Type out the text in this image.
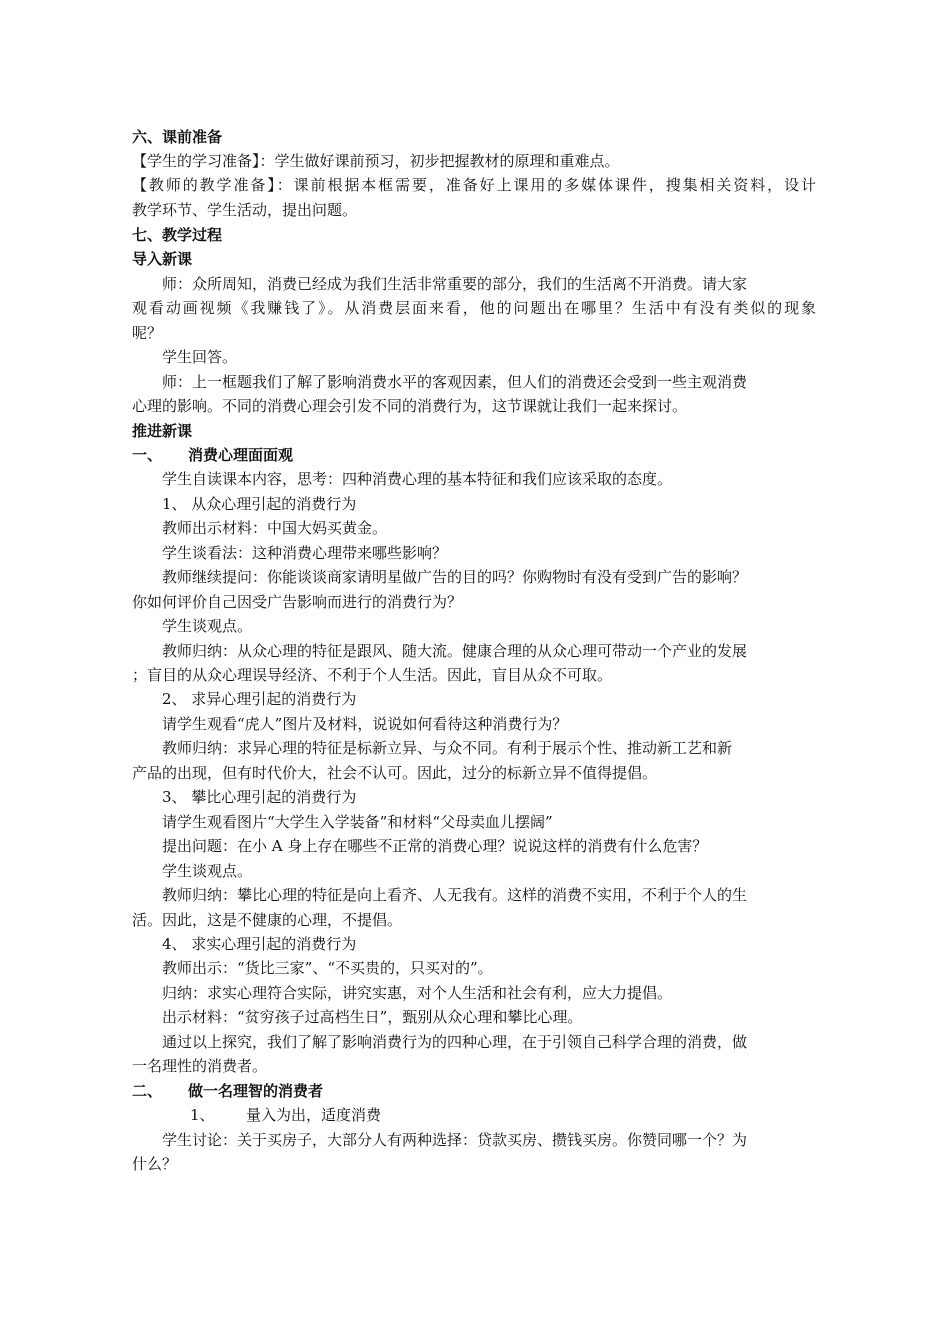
六、课前准备
【学生的学习准备】：学生做好课前预习，初步把握教材的原理和重难点。
【教师的教学准备】：课前根据本框需要，准备好上课用的多媒体课件，搜集相关资料，设计
教学环节、学生活动，提出问题。
七、教学过程
导入新课
师：众所周知，消费已经成为我们生活非常重要的部分，我们的生活离不开消费。请大家
观看动画视频《我赚钱了》。从消费层面来看，他的问题出在哪里？生活中有没有类似的现象
呢？
学生回答。
师：上一框题我们了解了影响消费水平的客观因素，但人们的消费还会受到一些主观消费
心理的影响。不同的消费心理会引发不同的消费行为，这节课就让我们一起来探讨。
推进新课
一、 消费心理面面观
学生自读课本内容，思考：四种消费心理的基本特征和我们应该采取的态度。
1、 从众心理引起的消费行为
教师出示材料：中国大妈买黄金。
学生谈看法：这种消费心理带来哪些影响？
教师继续提问：你能谈谈商家请明星做广告的目的吗？你购物时有没有受到广告的影响？
你如何评价自己因受广告影响而进行的消费行为？
学生谈观点。
教师归纳：从众心理的特征是跟风、随大流。健康合理的从众心理可带动一个产业的发展
；盲目的从众心理误导经济、不利于个人生活。因此，盲目从众不可取。
2、 求异心理引起的消费行为
请学生观看“虎人”图片及材料，说说如何看待这种消费行为？
教师归纳：求异心理的特征是标新立异、与众不同。有利于展示个性、推动新工艺和新
产品的出现，但有时代价大，社会不认可。因此，过分的标新立异不值得提倡。
3、 攀比心理引起的消费行为
请学生观看图片“大学生入学装备”和材料“父母卖血儿摆阔”
提出问题：在小 A 身上存在哪些不正常的消费心理？说说这样的消费有什么危害？
学生谈观点。
教师归纳：攀比心理的特征是向上看齐、人无我有。这样的消费不实用，不利于个人的生
活。因此，这是不健康的心理，不提倡。
4、 求实心理引起的消费行为
教师出示：“货比三家”、“不买贵的，只买对的”。
归纳：求实心理符合实际，讲究实惠，对个人生活和社会有利，应大力提倡。
出示材料：“贫穷孩子过高档生日”，甄别从众心理和攀比心理。
通过以上探究，我们了解了影响消费行为的四种心理，在于引领自己科学合理的消费，做
一名理性的消费者。
二、 做一名理智的消费者
1、 量入为出，适度消费
学生讨论：关于买房子，大部分人有两种选择：贷款买房、攒钱买房。你赞同哪一个？为
什么？
